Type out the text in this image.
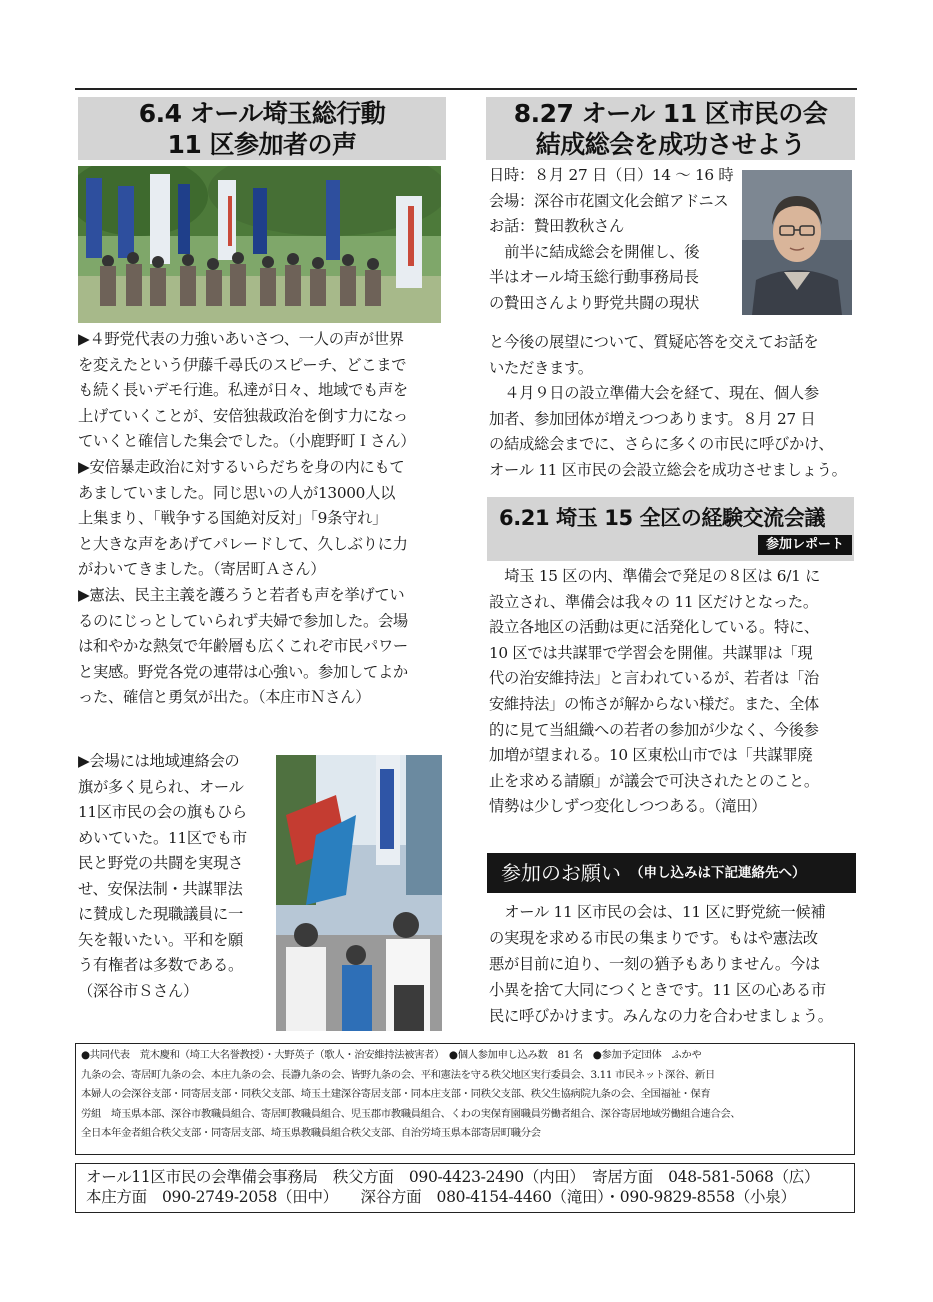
6.4 オール埼玉総行動
11 区参加者の声

▶４野党代表の力強いあいさつ、一人の声が世界

を変えたという伊藤千尋氏のスピーチ、どこまで

も続く長いデモ行進。私達が日々、地域でも声を

上げていくことが、安倍独裁政治を倒す力になっ

ていくと確信した集会でした。（小鹿野町Ｉさん）

▶安倍暴走政治に対するいらだちを身の内にもて

あましていました。同じ思いの人が13000人以

上集まり、「戦争する国絶対反対」「9条守れ」

と大きな声をあげてパレードして、久しぶりに力

がわいてきました。（寄居町Ａさん）

▶憲法、民主主義を護ろうと若者も声を挙げてい

るのにじっとしていられず夫婦で参加した。会場

は和やかな熱気で年齢層も広くこれぞ市民パワー

と実感。野党各党の連帯は心強い。参加してよか

った、確信と勇気が出た。（本庄市Ｎさん）

▶会場には地域連絡会の

旗が多く見られ、オール

11区市民の会の旗もひら

めいていた。11区でも市

民と野党の共闘を実現さ

せ、安保法制・共謀罪法

に賛成した現職議員に一

矢を報いたい。平和を願

う有権者は多数である。

（深谷市Ｓさん）

8.27 オール 11 区市民の会
結成総会を成功させよう

日時：８月 27 日（日）14 ～ 16 時

会場：深谷市花園文化会館アドニス

お話：贄田教秋さん

前半に結成総会を開催し、後

半はオール埼玉総行動事務局長

の贄田さんより野党共闘の現状

と今後の展望について、質疑応答を交えてお話を

いただきます。

４月９日の設立準備大会を経て、現在、個人参

加者、参加団体が増えつつあります。８月 27 日

の結成総会までに、さらに多くの市民に呼びかけ、

オール 11 区市民の会設立総会を成功させましょう。

6.21 埼玉 15 全区の経験交流会議
参加レポート

埼玉 15 区の内、準備会で発足の８区は 6/1 に

設立され、準備会は我々の 11 区だけとなった。

設立各地区の活動は更に活発化している。特に、

10 区では共謀罪で学習会を開催。共謀罪は「現

代の治安維持法」と言われているが、若者は「治

安維持法」の怖さが解からない様だ。また、全体

的に見て当組織への若者の参加が少なく、今後参

加増が望まれる。10 区東松山市では「共謀罪廃

止を求める請願」が議会で可決されたとのこと。

情勢は少しずつ変化しつつある。（滝田）

参加のお願い （申し込みは下記連絡先へ）

オール 11 区市民の会は、11 区に野党統一候補

の実現を求める市民の集まりです。もはや憲法改

悪が目前に迫り、一刻の猶予もありません。今は

小異を捨て大同につくときです。11 区の心ある市

民に呼びかけます。みんなの力を合わせましょう。

●共同代表　荒木慶和（埼工大名誉教授）・大野英子（歌人・治安維持法被害者）　●個人参加申し込み数　81 名　●参加予定団体　ふかや
九条の会、寄居町九条の会、本庄九条の会、長瀞九条の会、皆野九条の会、平和憲法を守る秩父地区実行委員会、3.11 市民ネット深谷、新日
本婦人の会深谷支部・同寄居支部・同秩父支部、埼玉土建深谷寄居支部・同本庄支部・同秩父支部、秩父生協病院九条の会、全国福祉・保育
労組　埼玉県本部、深谷市教職員組合、寄居町教職員組合、児玉郡市教職員組合、くわの実保育園職員労働者組合、深谷寄居地域労働組合連合会、
全日本年金者組合秩父支部・同寄居支部、埼玉県教職員組合秩父支部、自治労埼玉県本部寄居町職分会
オール11区市民の会準備会事務局　秩父方面　090-4423-2490（内田）　寄居方面　048-581-5068（広）
本庄方面　090-2749-2058（田中）　　深谷方面　080-4154-4460（滝田）・090-9829-8558（小泉）
